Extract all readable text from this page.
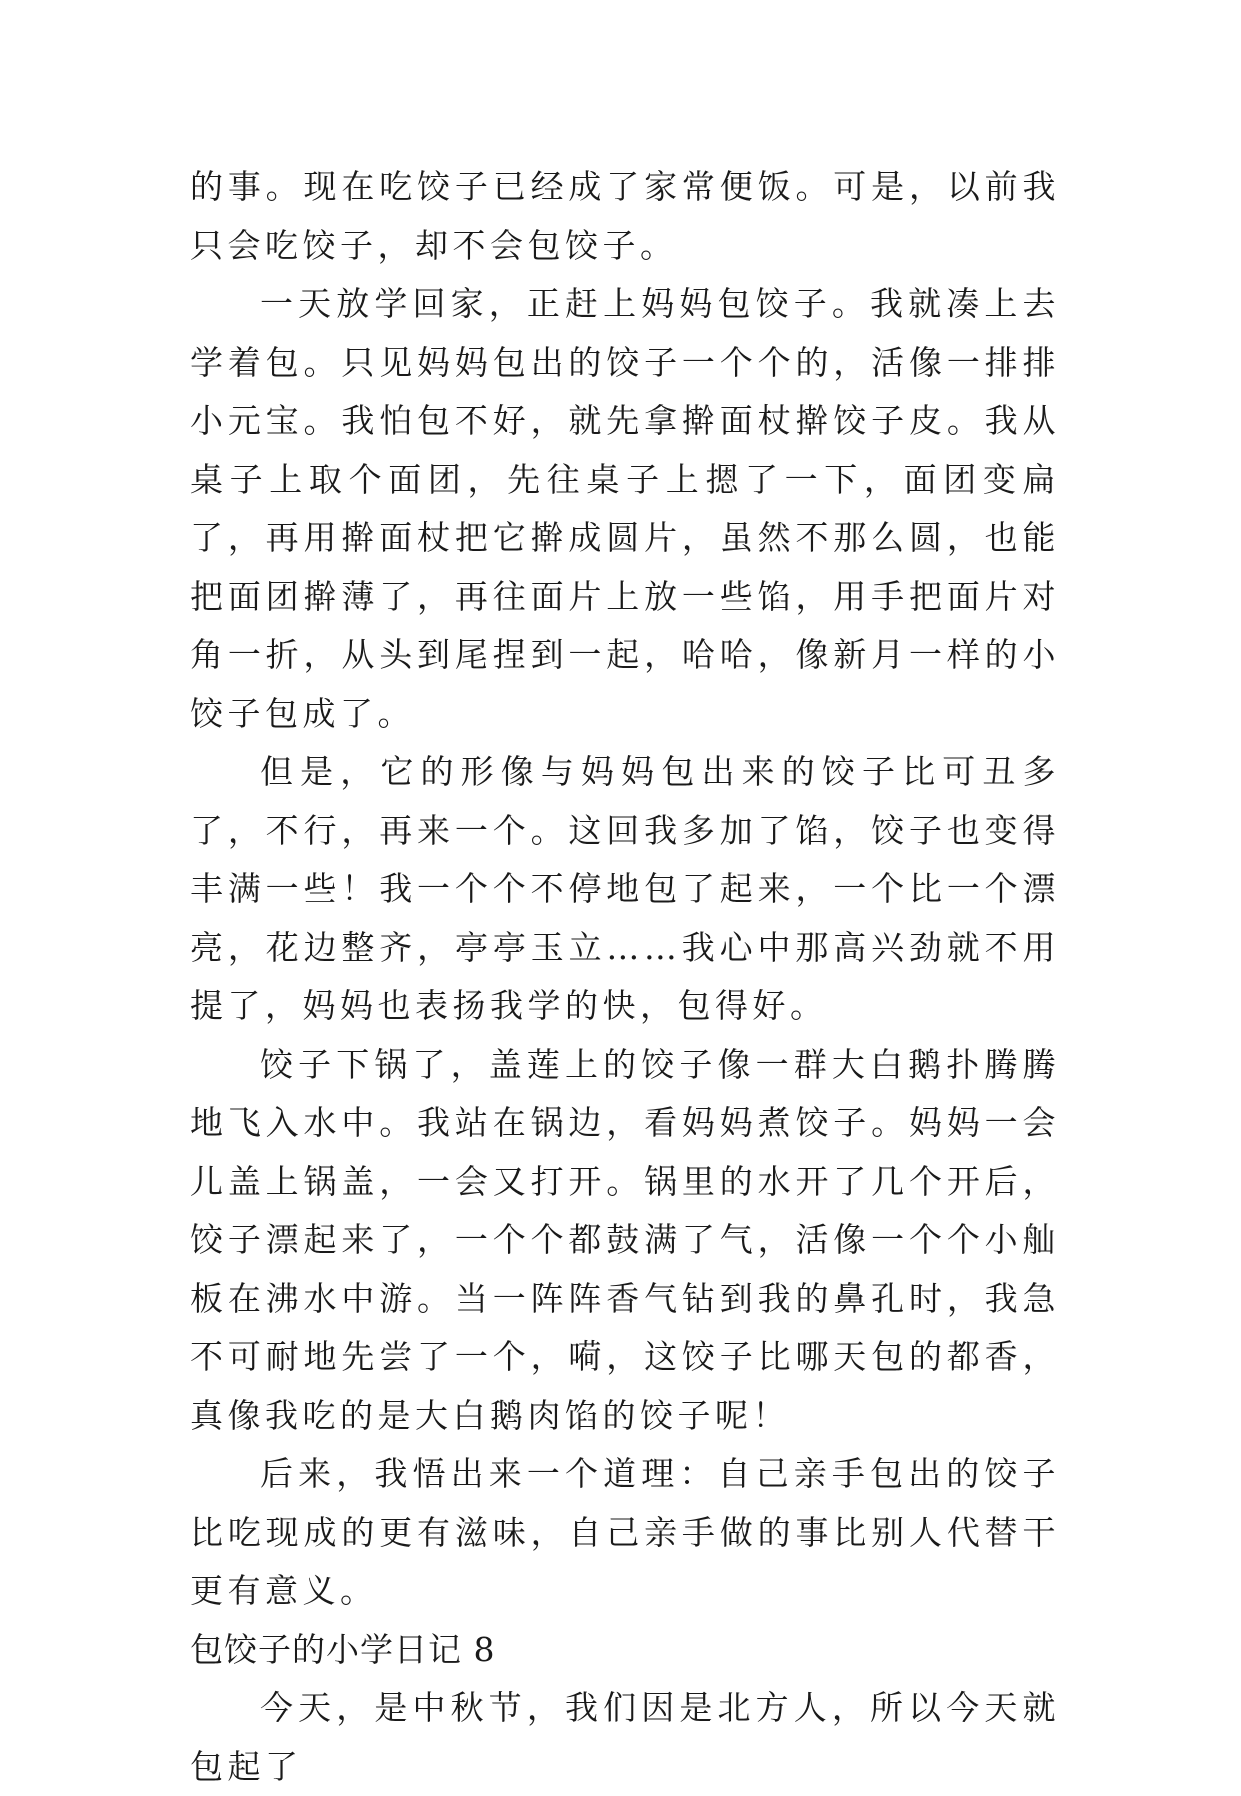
的事。现在吃饺子已经成了家常便饭。可是，以前我只会吃饺子，却不会包饺子。

一天放学回家，正赶上妈妈包饺子。我就凑上去学着包。只见妈妈包出的饺子一个个的，活像一排排小元宝。我怕包不好，就先拿擀面杖擀饺子皮。我从桌子上取个面团，先往桌子上摁了一下，面团变扁了，再用擀面杖把它擀成圆片，虽然不那么圆，也能把面团擀薄了，再往面片上放一些馅，用手把面片对角一折，从头到尾捏到一起，哈哈，像新月一样的小饺子包成了。

但是，它的形像与妈妈包出来的饺子比可丑多了，不行，再来一个。这回我多加了馅，饺子也变得丰满一些！我一个个不停地包了起来，一个比一个漂亮，花边整齐，亭亭玉立……我心中那高兴劲就不用提了，妈妈也表扬我学的快，包得好。

饺子下锅了，盖莲上的饺子像一群大白鹅扑腾腾地飞入水中。我站在锅边，看妈妈煮饺子。妈妈一会儿盖上锅盖，一会又打开。锅里的水开了几个开后，饺子漂起来了，一个个都鼓满了气，活像一个个小舢板在沸水中游。当一阵阵香气钻到我的鼻孔时，我急不可耐地先尝了一个，嗬，这饺子比哪天包的都香，真像我吃的是大白鹅肉馅的饺子呢！

后来，我悟出来一个道理：自己亲手包出的饺子比吃现成的更有滋味，自己亲手做的事比别人代替干更有意义。

包饺子的小学日记 8

今天，是中秋节，我们因是北方人，所以今天就包起了
